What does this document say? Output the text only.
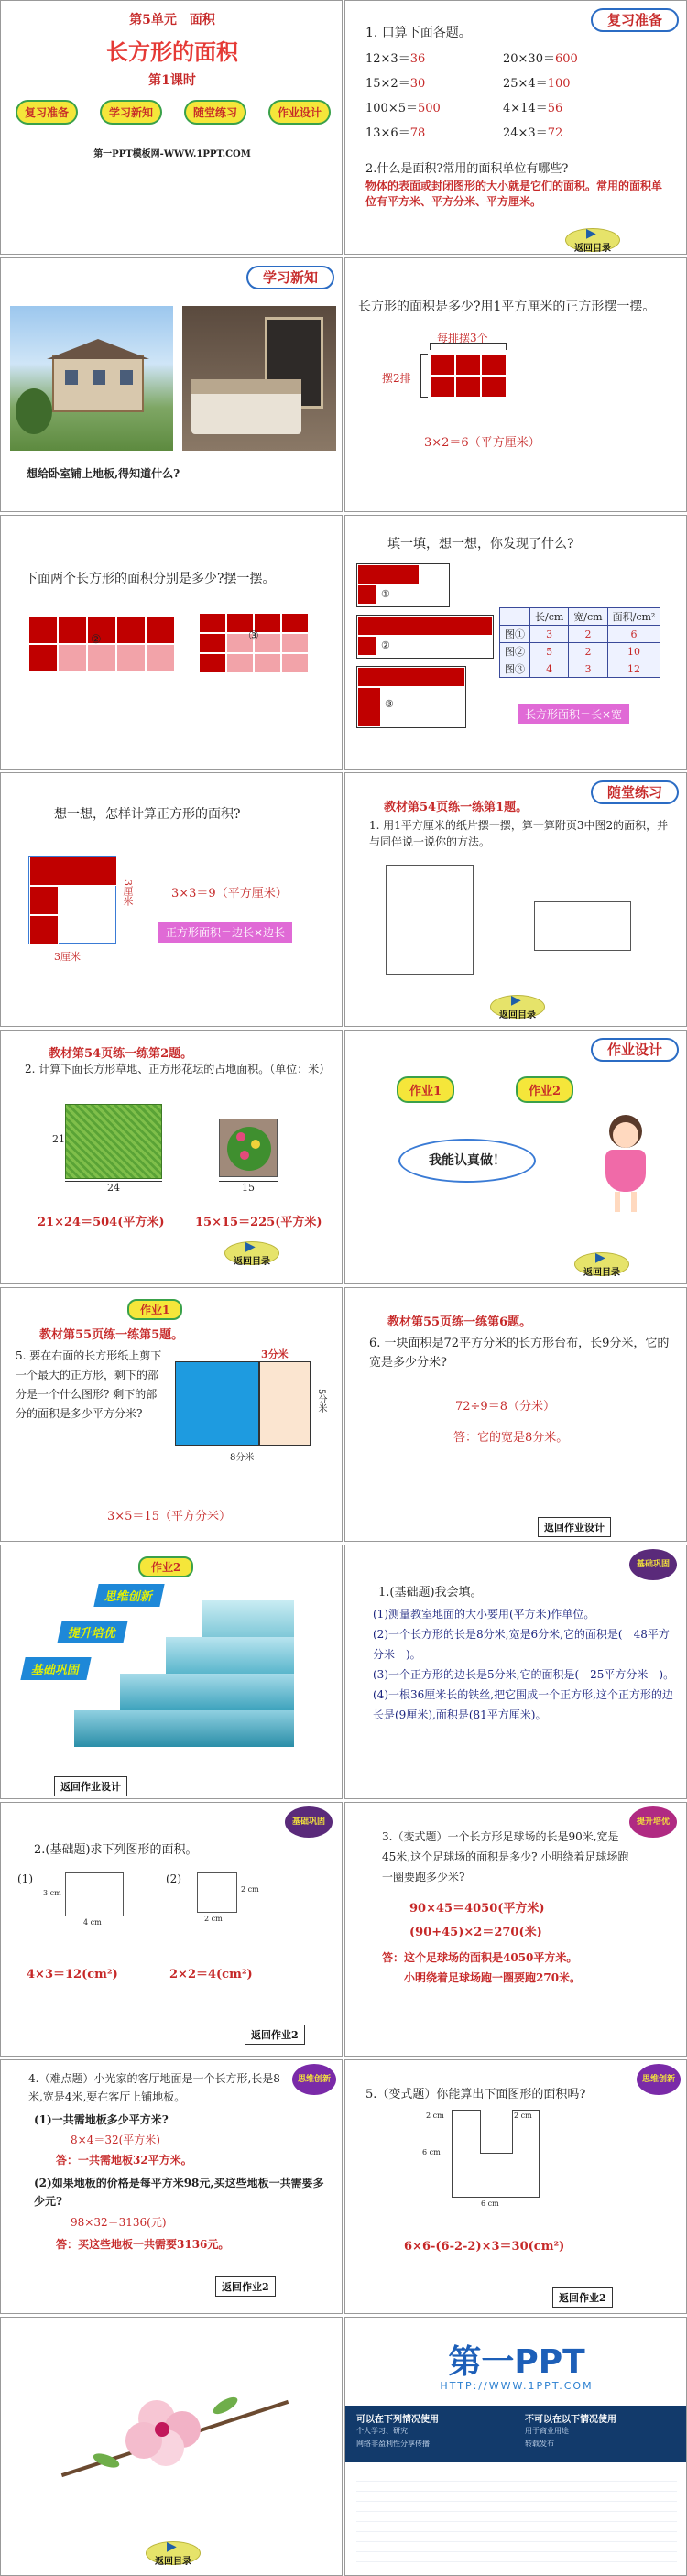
第5单元　面积
长方形的面积
第1课时
复习准备	学习新知	随堂练习	作业设计
第一PPT模板网-WWW.1PPT.COM
复习准备
1. 口算下面各题。
12×3＝36	20×30＝600
15×2＝30	25×4＝100
100×5＝500	4×14＝56
13×6＝78	24×3＝72
2.什么是面积?常用的面积单位有哪些?
物体的表面或封闭图形的大小就是它们的面积。常用的面积单位有平方米、平方分米、平方厘米。
▶
返回目录
学习新知
想给卧室铺上地板,得知道什么?
长方形的面积是多少?用1平方厘米的正方形摆一摆。
每排摆3个
摆2排
3×2＝6（平方厘米）
下面两个长方形的面积分别是多少?摆一摆。
②	③
填一填，想一想，你发现了什么?
①
②
③
	长/cm	宽/cm	面积/cm²
图①	3	2	6
图②	5	2	10
图③	4	3	12
长方形面积＝长×宽
想一想，怎样计算正方形的面积?
3厘米
3厘米
3×3＝9（平方厘米）
正方形面积＝边长×边长
随堂练习
教材第54页练一练第1题。
1. 用1平方厘米的纸片摆一摆，算一算附页3中图2的面积，并与同伴说一说你的方法。
▶
返回目录
教材第54页练一练第2题。
2. 计算下面长方形草地、正方形花坛的占地面积。（单位：米）
21
24	15
21×24＝504(平方米)	15×15＝225(平方米)
▶
返回目录
作业设计
作业1	作业2
我能认真做！
▶
返回目录
作业1
教材第55页练一练第5题。
5. 要在右面的长方形纸上剪下一个最大的正方形，剩下的部分是一个什么图形? 剩下的部分的面积是多少平方分米?
3分米
5分米
8分米
3×5＝15（平方分米）
教材第55页练一练第6题。
6. 一块面积是72平方分米的长方形台布，长9分米，它的宽是多少分米?
72÷9＝8（分米）
答：它的宽是8分米。
返回作业设计
作业2
思维创新
提升培优
基础巩固
返回作业设计
基础巩固
1.(基础题)我会填。
(1)测量教室地面的大小要用(平方米)作单位。
(2)一个长方形的长是8分米,宽是6分米,它的面积是(　48平方分米　)。
(3)一个正方形的边长是5分米,它的面积是(　25平方分米　)。
(4)一根36厘米长的铁丝,把它围成一个正方形,这个正方形的边长是(9厘米),面积是(81平方厘米)。
基础巩固
2.(基础题)求下列图形的面积。
(1)
3 cm
4 cm
(2)
2 cm
2 cm
4×3＝12(cm²)	2×2＝4(cm²)
返回作业2
提升培优
3.（变式题）一个长方形足球场的长是90米,宽是45米,这个足球场的面积是多少? 小明绕着足球场跑一圈要跑多少米?
90×45＝4050(平方米)
(90+45)×2＝270(米)
答：这个足球场的面积是4050平方米。
小明绕着足球场跑一圈要跑270米。
思维创新
4.（难点题）小光家的客厅地面是一个长方形,长是8米,宽是4米,要在客厅上铺地板。
(1)一共需地板多少平方米?
8×4＝32(平方米)
答：一共需地板32平方米。
(2)如果地板的价格是每平方米98元,买这些地板一共需要多少元?
98×32＝3136(元)
答：买这些地板一共需要3136元。
返回作业2
思维创新
5.（变式题）你能算出下面图形的面积吗?
2 cm	2 cm
6 cm
6 cm
6×6-(6-2-2)×3＝30(cm²)
返回作业2
▶
返回目录
第一PPT
HTTP://WWW.1PPT.COM
可以在下列情况使用
个人学习、研究
网络非盈利性分享传播
不可以在以下情况使用
用于商业用途
转载发布
